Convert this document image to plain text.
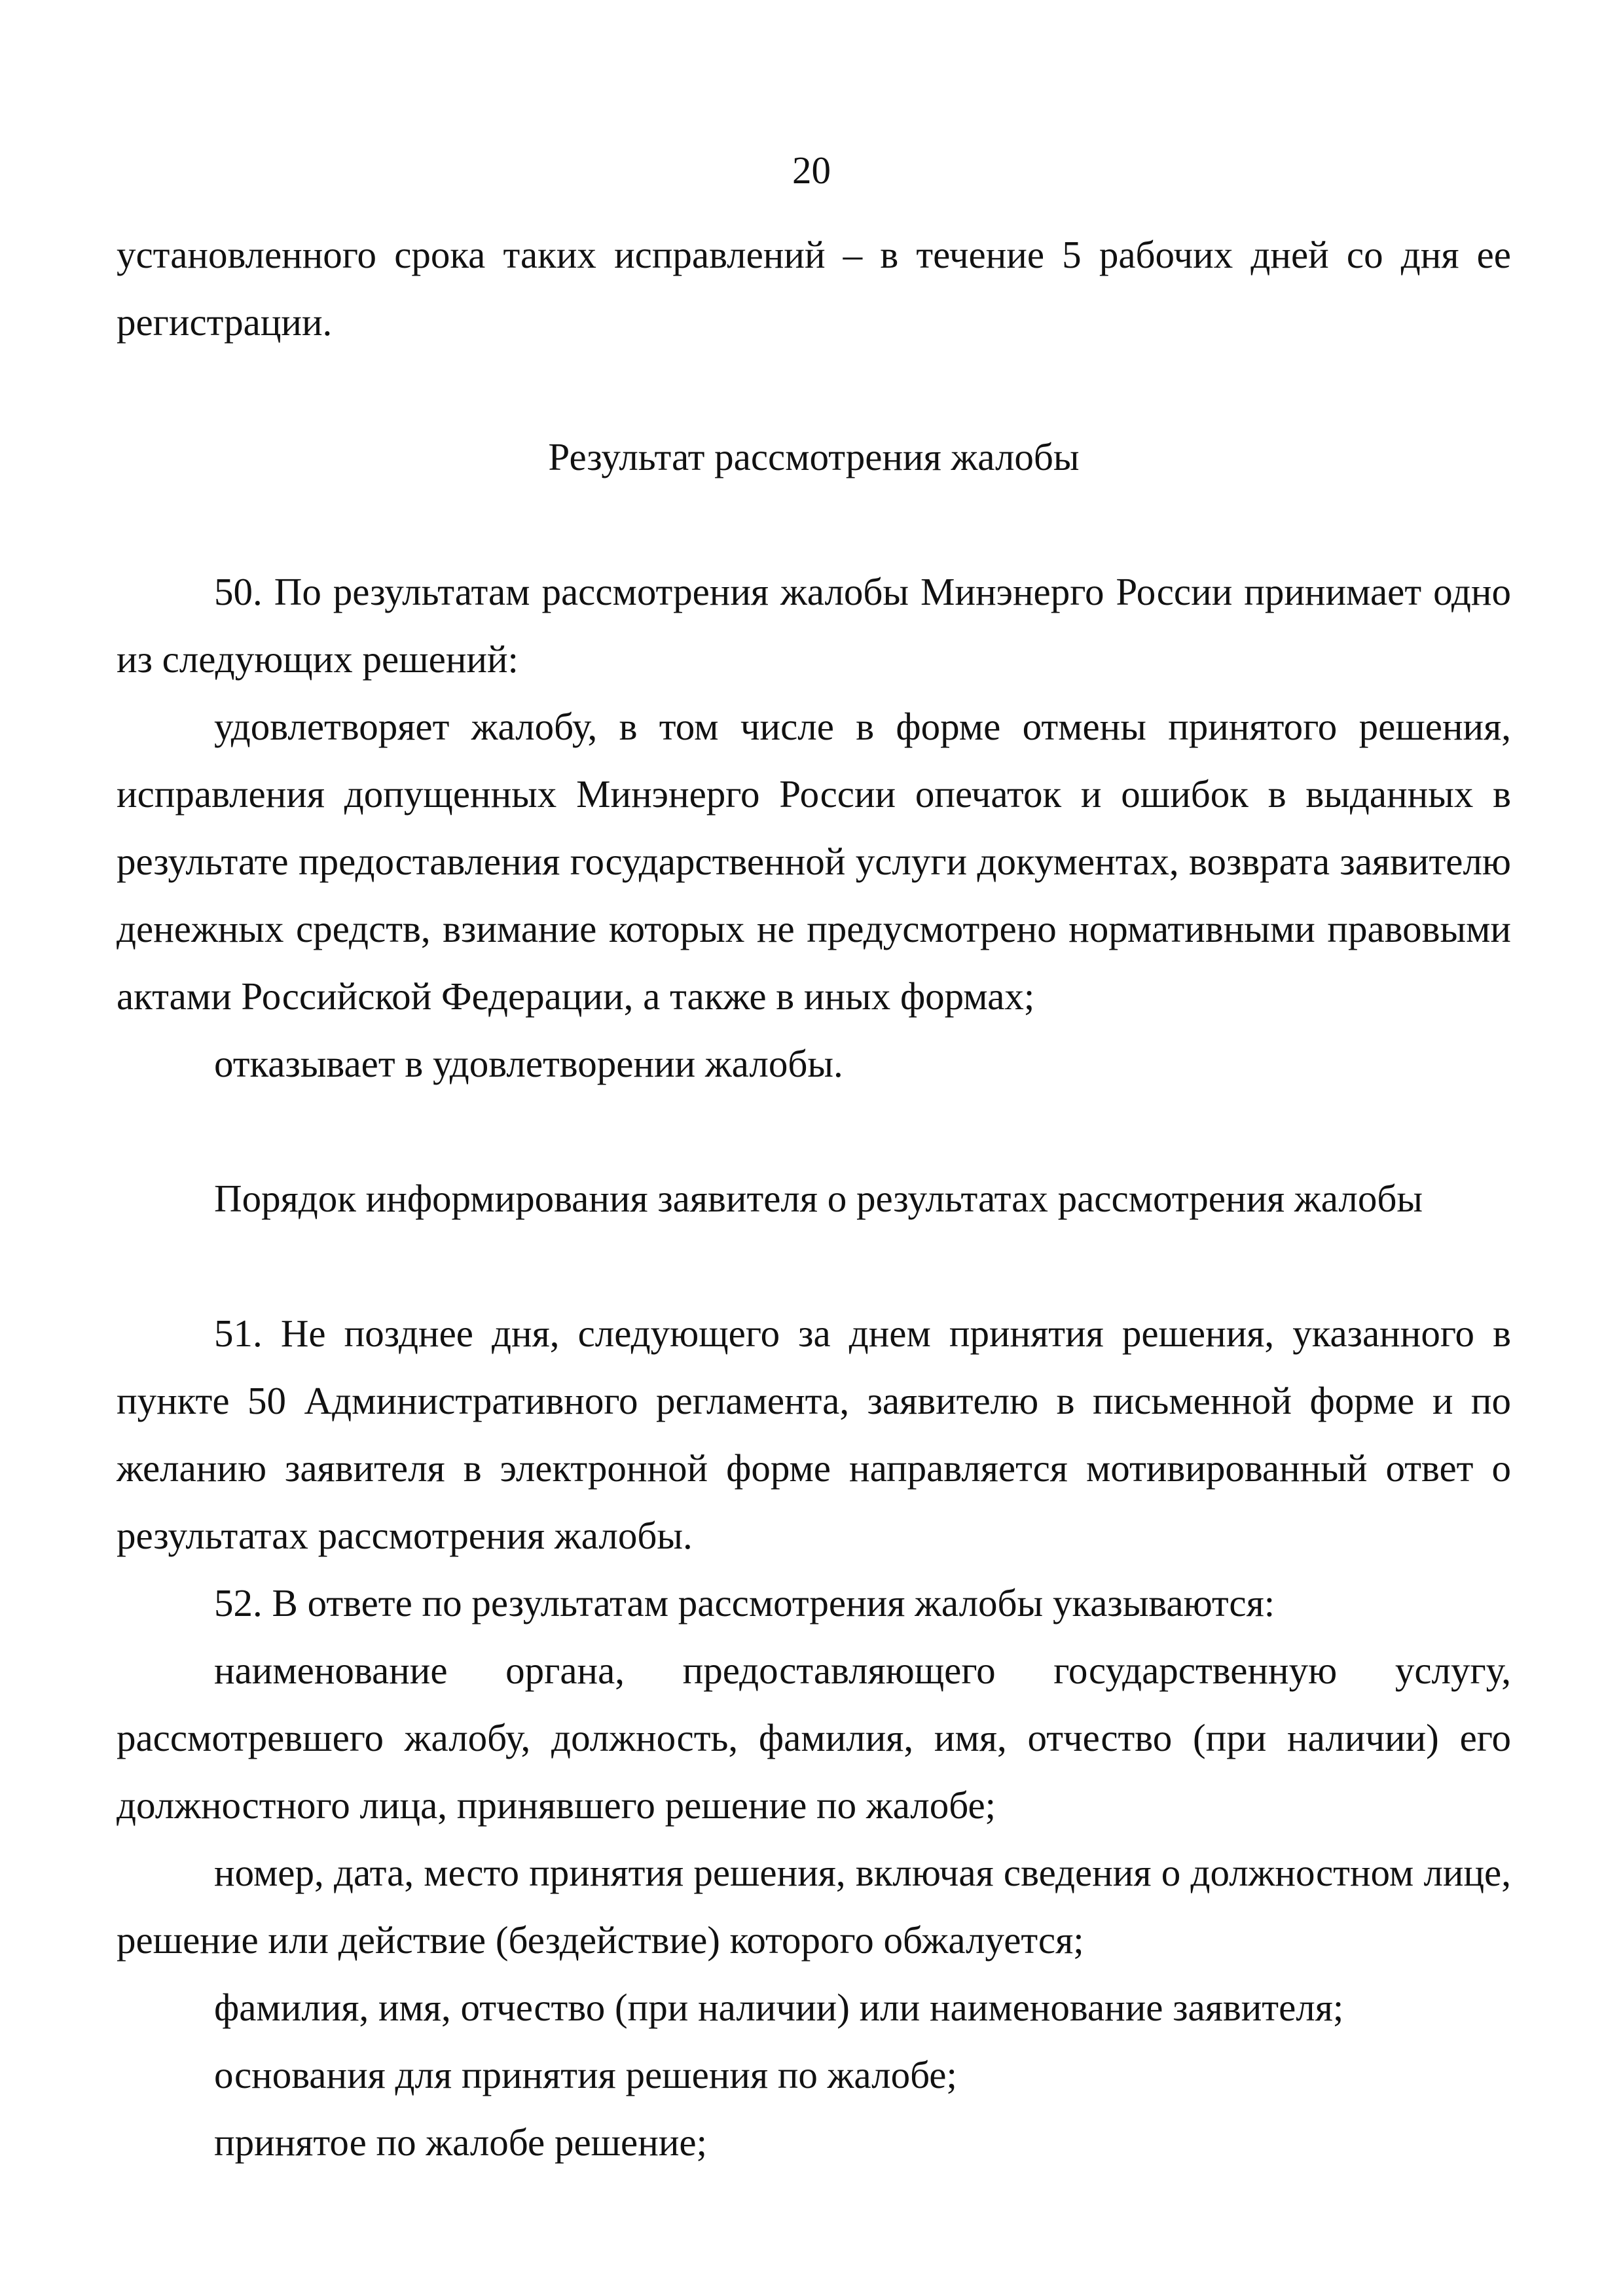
20

установленного срока таких исправлений – в течение 5 рабочих дней со дня ее регистрации.

Результат рассмотрения жалобы

50. По результатам рассмотрения жалобы Минэнерго России принимает одно из следующих решений:

удовлетворяет жалобу, в том числе в форме отмены принятого решения, исправления допущенных Минэнерго России опечаток и ошибок в выданных в результате предоставления государственной услуги документах, возврата заявителю денежных средств, взимание которых не предусмотрено нормативными правовыми актами Российской Федерации, а также в иных формах;

отказывает в удовлетворении жалобы.

Порядок информирования заявителя о результатах рассмотрения жалобы

51. Не позднее дня, следующего за днем принятия решения, указанного в пункте 50 Административного регламента, заявителю в письменной форме и по желанию заявителя в электронной форме направляется мотивированный ответ о результатах рассмотрения жалобы.

52. В ответе по результатам рассмотрения жалобы указываются:

наименование органа, предоставляющего государственную услугу, рассмотревшего жалобу, должность, фамилия, имя, отчество (при наличии) его должностного лица, принявшего решение по жалобе;

номер, дата, место принятия решения, включая сведения о должностном лице, решение или действие (бездействие) которого обжалуется;

фамилия, имя, отчество (при наличии) или наименование заявителя;

основания для принятия решения по жалобе;

принятое по жалобе решение;
